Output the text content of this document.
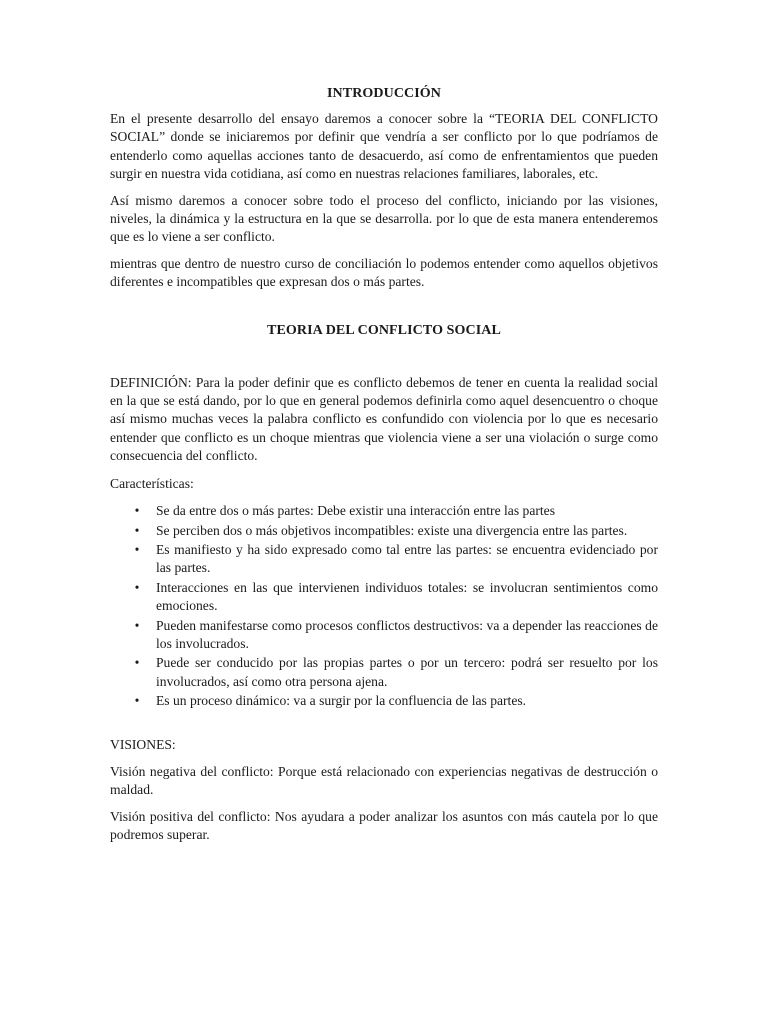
INTRODUCCIÓN

En el presente desarrollo del ensayo daremos a conocer sobre la “TEORIA DEL CONFLICTO SOCIAL” donde se iniciaremos por definir que vendría a ser conflicto por lo que podríamos de entenderlo como aquellas acciones tanto de desacuerdo, así como de enfrentamientos que pueden surgir en nuestra vida cotidiana, así como en nuestras relaciones familiares, laborales, etc.

Así mismo daremos a conocer sobre todo el proceso del conflicto, iniciando por las visiones, niveles, la dinámica y la estructura en la que se desarrolla. por lo que de esta manera entenderemos que es lo viene a ser conflicto.

mientras que dentro de nuestro curso de conciliación lo podemos entender como aquellos objetivos diferentes e incompatibles que expresan dos o más partes.

TEORIA DEL CONFLICTO SOCIAL

DEFINICIÓN: Para la poder definir que es conflicto debemos de tener en cuenta la realidad social en la que se está dando, por lo que en general podemos definirla como aquel desencuentro o choque así mismo muchas veces la palabra conflicto es confundido con violencia por lo que es necesario entender que conflicto es un choque mientras que violencia viene a ser una violación o surge como consecuencia del conflicto.

Características:

• Se da entre dos o más partes: Debe existir una interacción entre las partes
• Se perciben dos o más objetivos incompatibles: existe una divergencia entre las partes.
• Es manifiesto y ha sido expresado como tal entre las partes: se encuentra evidenciado por las partes.
• Interacciones en las que intervienen individuos totales: se involucran sentimientos como emociones.
• Pueden manifestarse como procesos conflictos destructivos: va a depender las reacciones de los involucrados.
• Puede ser conducido por las propias partes o por un tercero: podrá ser resuelto por los involucrados, así como otra persona ajena.
• Es un proceso dinámico: va a surgir por la confluencia de las partes.

VISIONES:

Visión negativa del conflicto: Porque está relacionado con experiencias negativas de destrucción o maldad.

Visión positiva del conflicto: Nos ayudara a poder analizar los asuntos con más cautela por lo que podremos superar.
